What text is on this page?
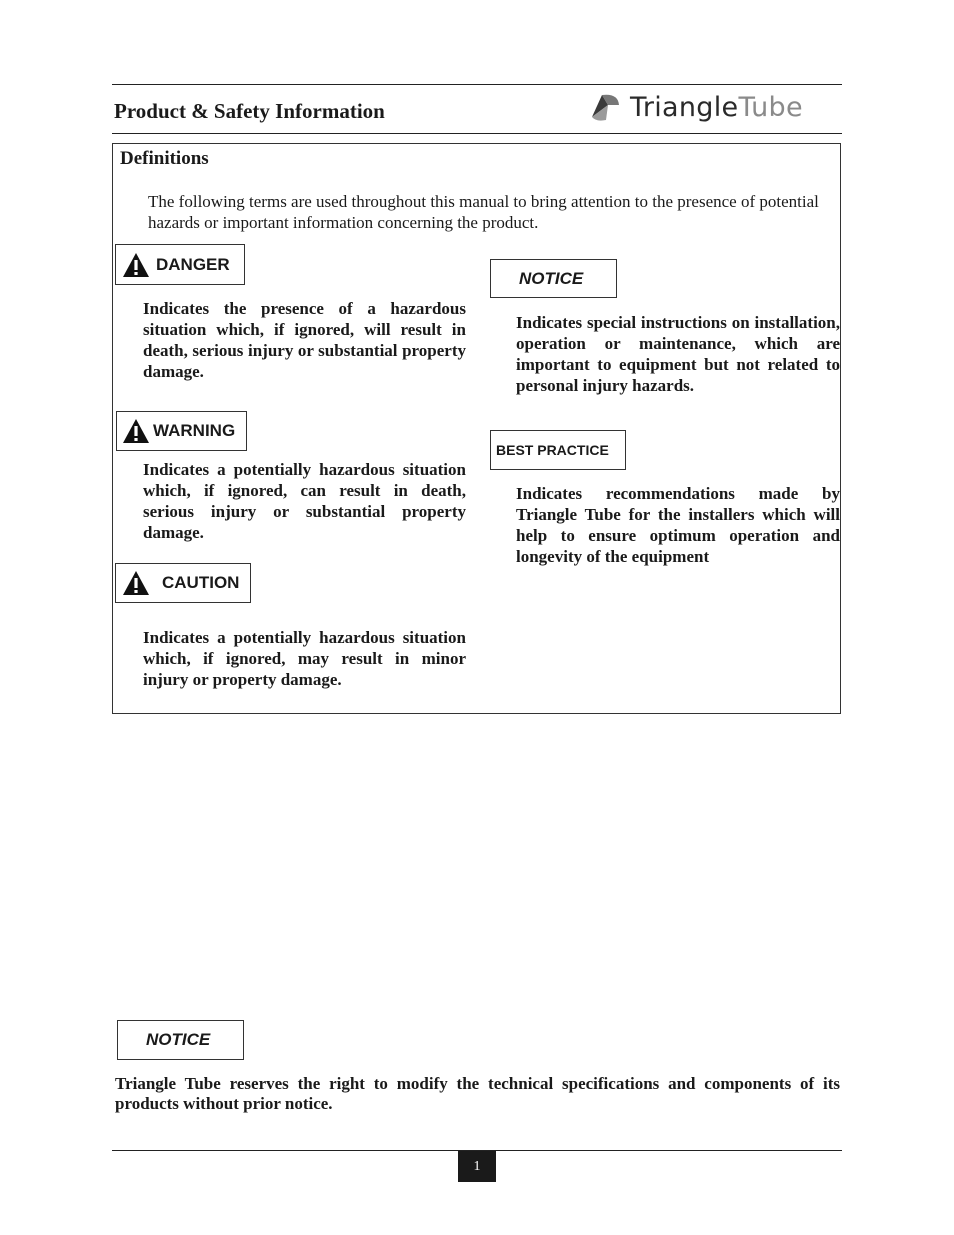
Product & Safety Information	TriangleTube
Definitions
The following terms are used throughout this manual to bring attention to the presence of potential hazards or important information concerning the product.
DANGER
Indicates the presence of a hazardous situation which, if ignored, will result in death, serious injury or substantial property damage.
WARNING
Indicates a potentially hazardous situation which, if ignored, can result in death, serious injury or substantial property damage.
CAUTION
Indicates a potentially hazardous situation which, if ignored, may result in minor injury or property damage.
NOTICE
Indicates special instructions on installation, operation or maintenance, which are important to equipment but not related to personal injury hazards.
BEST PRACTICE
Indicates recommendations made by Triangle Tube for the installers which will help to ensure optimum operation and longevity of the equipment
NOTICE
Triangle Tube reserves the right to modify the technical specifications and components of its products without prior notice.
1
